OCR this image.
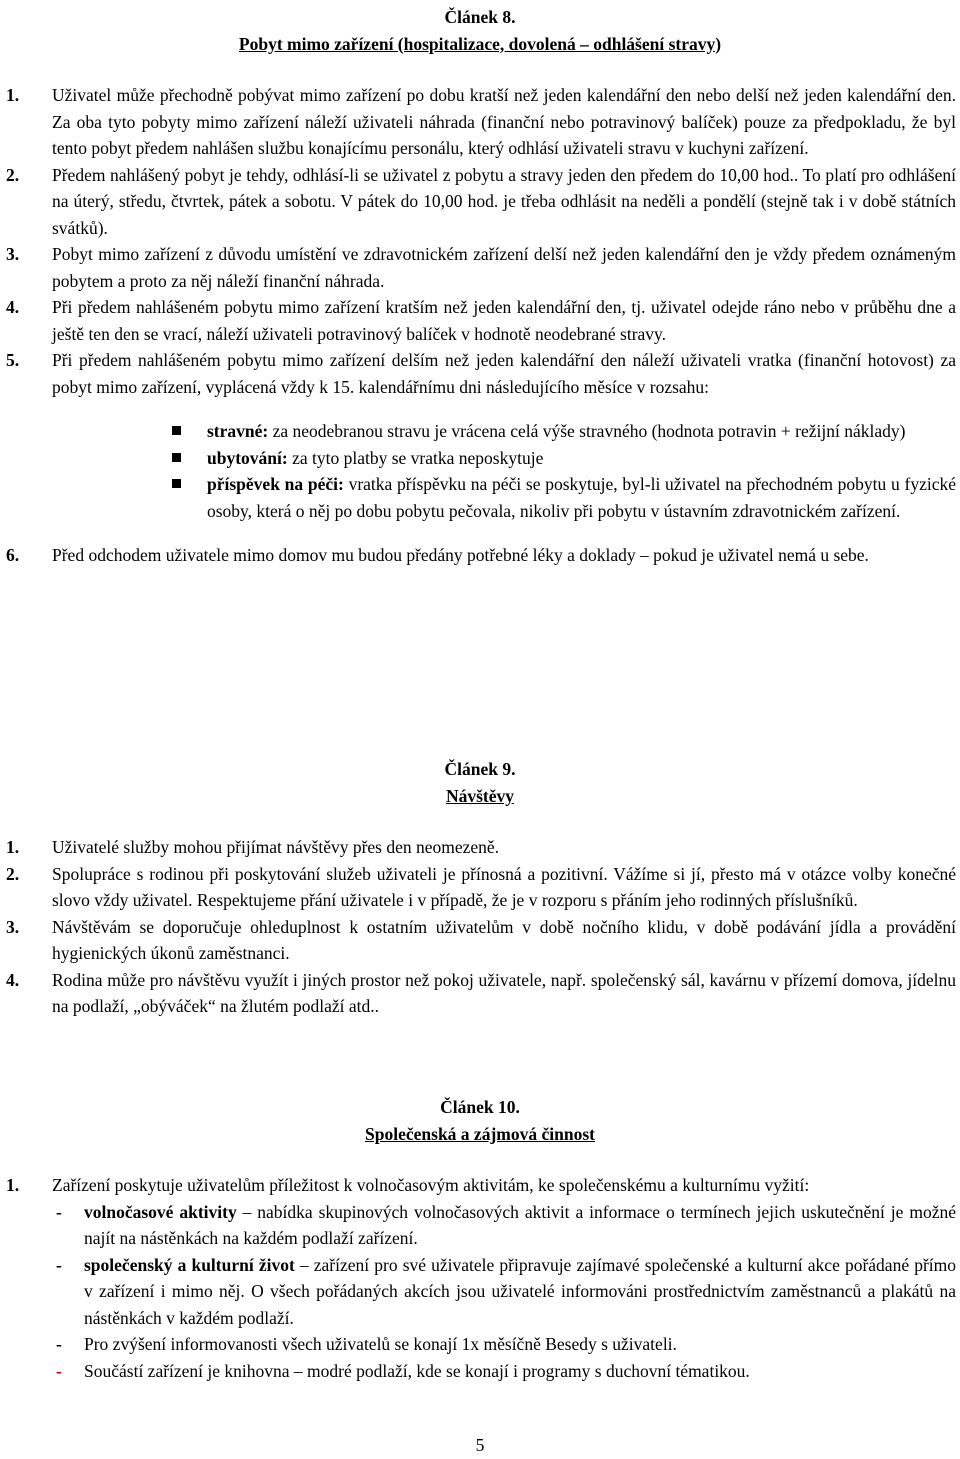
Článek 8.

Pobyt mimo zařízení (hospitalizace, dovolená – odhlášení stravy)

1. Uživatel může přechodně pobývat mimo zařízení po dobu kratší než jeden kalendářní den nebo delší než jeden kalendářní den. Za oba tyto pobyty mimo zařízení náleží uživateli náhrada (finanční nebo potravinový balíček) pouze za předpokladu, že byl tento pobyt předem nahlášen službu konajícímu personálu, který odhlásí uživateli stravu v kuchyni zařízení.
2. Předem nahlášený pobyt je tehdy, odhlásí-li se uživatel z pobytu a stravy jeden den předem do 10,00 hod.. To platí pro odhlášení na úterý, středu, čtvrtek, pátek a sobotu. V pátek do 10,00 hod. je třeba odhlásit na neděli a pondělí (stejně tak i v době státních svátků).
3. Pobyt mimo zařízení z důvodu umístění ve zdravotnickém zařízení delší než jeden kalendářní den je vždy předem oznámeným pobytem a proto za něj náleží finanční náhrada.
4. Při předem nahlášeném pobytu mimo zařízení kratším než jeden kalendářní den, tj. uživatel odejde ráno nebo v průběhu dne a ještě ten den se vrací, náleží uživateli potravinový balíček v hodnotě neodebrané stravy.
5. Při předem nahlášeném pobytu mimo zařízení delším než jeden kalendářní den náleží uživateli vratka (finanční hotovost) za pobyt mimo zařízení, vyplácená vždy k 15. kalendářnímu dni následujícího měsíce v rozsahu:
stravné: za neodebranou stravu je vrácena celá výše stravného (hodnota potravin + režijní náklady)
ubytování: za tyto platby se vratka neposkytuje
příspěvek na péči: vratka příspěvku na péči se poskytuje, byl-li uživatel na přechodném pobytu u fyzické osoby, která o něj po dobu pobytu pečovala, nikoliv při pobytu v ústavním zdravotnickém zařízení.
6. Před odchodem uživatele mimo domov mu budou předány potřebné léky a doklady – pokud je uživatel nemá u sebe.

Článek 9.

Návštěvy

1. Uživatelé služby mohou přijímat návštěvy přes den neomezeně.
2. Spolupráce s rodinou při poskytování služeb uživateli je přínosná a pozitivní. Vážíme si jí, přesto má v otázce volby konečné slovo vždy uživatel. Respektujeme přání uživatele i v případě, že je v rozporu s přáním jeho rodinných příslušníků.
3. Návštěvám se doporučuje ohleduplnost k ostatním uživatelům v době nočního klidu, v době podávání jídla a provádění hygienických úkonů zaměstnanci.
4. Rodina může pro návštěvu využít i jiných prostor než pokoj uživatele, např. společenský sál, kavárnu v přízemí domova, jídelnu na podlaží, „obýváček“ na žlutém podlaží atd..

Článek 10.

Společenská a zájmová činnost

1. Zařízení poskytuje uživatelům příležitost k volnočasovým aktivitám, ke společenskému a kulturnímu vyžití:
- volnočasové aktivity – nabídka skupinových volnočasových aktivit a informace o termínech jejich uskutečnění je možné najít na nástěnkách na každém podlaží zařízení.
- společenský a kulturní život – zařízení pro své uživatele připravuje zajímavé společenské a kulturní akce pořádané přímo v zařízení i mimo něj. O všech pořádaných akcích jsou uživatelé informováni prostřednictvím zaměstnanců a plakátů na nástěnkách v každém podlaží.
- Pro zvýšení informovanosti všech uživatelů se konají 1x měsíčně Besedy s uživateli.
- Součástí zařízení je knihovna – modré podlaží, kde se konají i programy s duchovní tématikou.
5
